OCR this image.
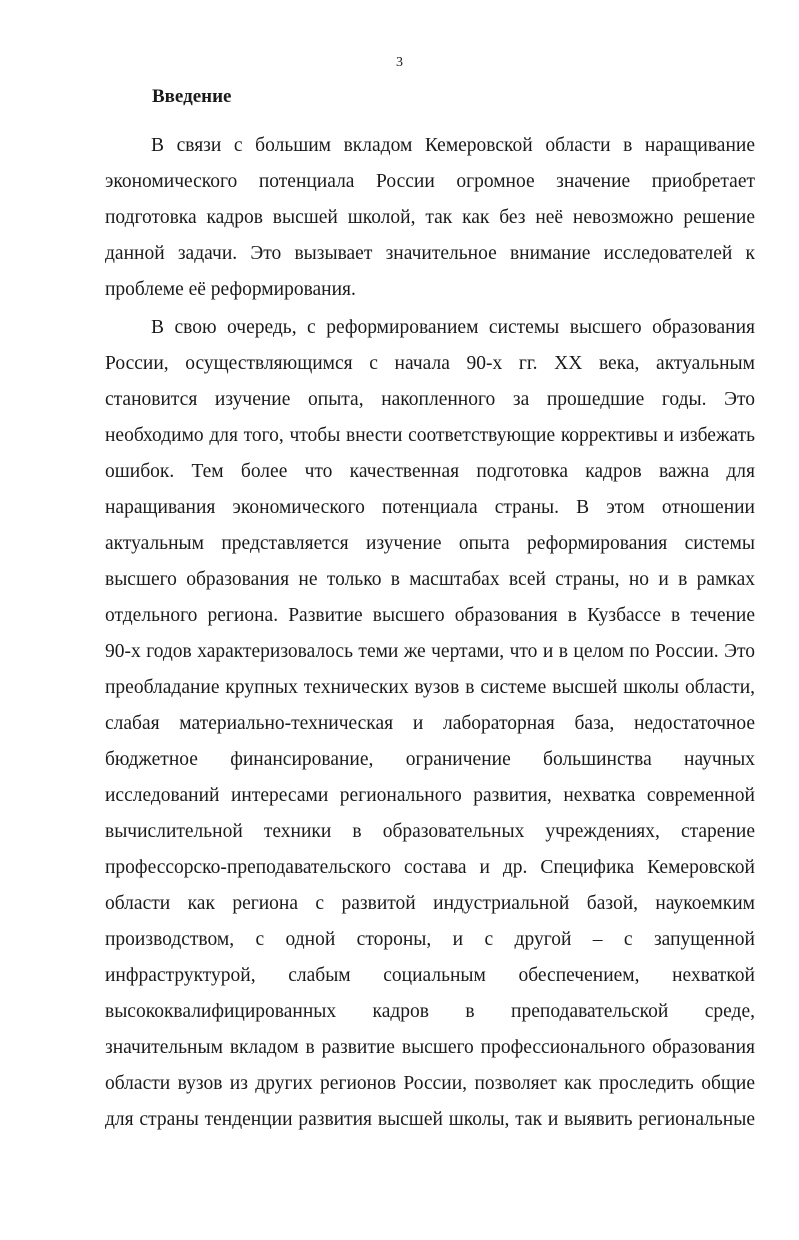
3
Введение
В связи с большим вкладом Кемеровской области в наращивание
экономического потенциала России огромное значение приобретает
подготовка кадров высшей школой, так как без неё невозможно решение
данной задачи. Это вызывает значительное внимание исследователей к
проблеме её реформирования.
В свою очередь, с реформированием системы высшего образования
России, осуществляющимся с начала 90-х гг. XX века, актуальным
становится изучение опыта, накопленного за прошедшие годы. Это
необходимо для того, чтобы внести соответствующие коррективы и избежать
ошибок. Тем более что качественная подготовка кадров важна для
наращивания экономического потенциала страны. В этом отношении
актуальным представляется изучение опыта реформирования системы
высшего образования не только в масштабах всей страны, но и в рамках
отдельного региона. Развитие высшего образования в Кузбассе в течение
90-х годов характеризовалось теми же чертами, что и в целом по России. Это
преобладание крупных технических вузов в системе высшей школы области,
слабая материально-техническая и лабораторная база, недостаточное
бюджетное финансирование, ограничение большинства научных
исследований интересами регионального развития, нехватка современной
вычислительной техники в образовательных учреждениях, старение
профессорско-преподавательского состава и др. Специфика Кемеровской
области как региона с развитой индустриальной базой, наукоемким
производством, с одной стороны, и с другой – с запущенной
инфраструктурой, слабым социальным обеспечением, нехваткой
высококвалифицированных кадров в преподавательской среде,
значительным вкладом в развитие высшего профессионального образования
области вузов из других регионов России, позволяет как проследить общие
для страны тенденции развития высшей школы, так и выявить региональные
